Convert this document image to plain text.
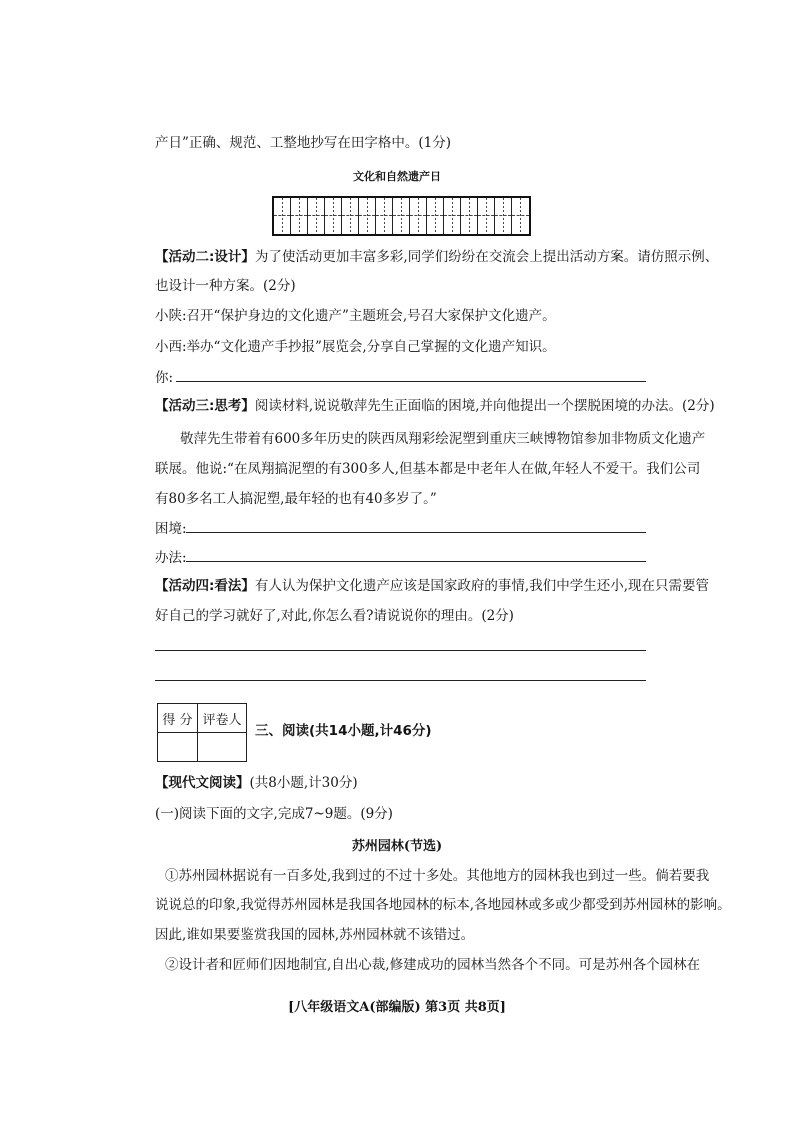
产日”正确、规范、工整地抄写在田字格中。(1分)
文化和自然遗产日
【活动二:设计】为了使活动更加丰富多彩,同学们纷纷在交流会上提出活动方案。请仿照示例、
也设计一种方案。(2分)
小陕:召开“保护身边的文化遗产”主题班会,号召大家保护文化遗产。
小西:举办“文化遗产手抄报”展览会,分享自己掌握的文化遗产知识。
你:
【活动三:思考】阅读材料,说说敬萍先生正面临的困境,并向他提出一个摆脱困境的办法。(2分)
敬萍先生带着有600多年历史的陕西凤翔彩绘泥塑到重庆三峡博物馆参加非物质文化遗产
联展。他说:“在凤翔搞泥塑的有300多人,但基本都是中老年人在做,年轻人不爱干。我们公司
有80多名工人搞泥塑,最年轻的也有40多岁了。”
困境:
办法:
【活动四:看法】有人认为保护文化遗产应该是国家政府的事情,我们中学生还小,现在只需要管
好自己的学习就好了,对此,你怎么看?请说说你的理由。(2分)
得 分	评卷人

三、阅读(共14小题,计46分)
【现代文阅读】(共8小题,计30分)
(一)阅读下面的文字,完成7~9题。(9分)
苏州园林(节选)
①苏州园林据说有一百多处,我到过的不过十多处。其他地方的园林我也到过一些。倘若要我
说说总的印象,我觉得苏州园林是我国各地园林的标本,各地园林或多或少都受到苏州园林的影响。
因此,谁如果要鉴赏我国的园林,苏州园林就不该错过。
②设计者和匠师们因地制宜,自出心裁,修建成功的园林当然各个不同。可是苏州各个园林在
[八年级语文A(部编版) 第3页 共8页]
